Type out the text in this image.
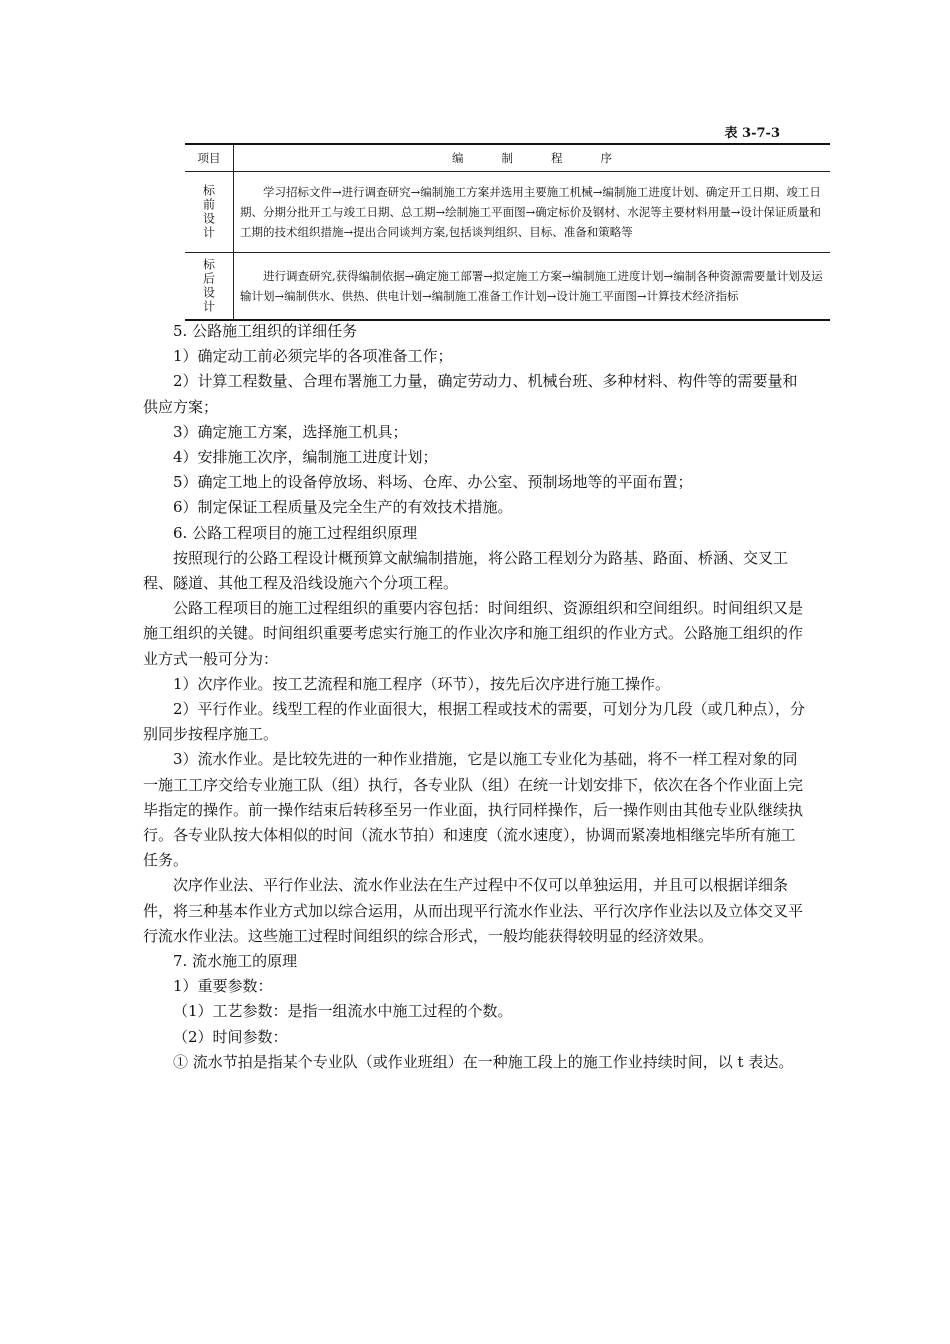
表 3-7-3
项目	编制程序
标前设计	学习招标文件→进行调查研究→编制施工方案并选用主要施工机械→编制施工进度计划、确定开工日期、竣工日期、分期分批开工与竣工日期、总工期→绘制施工平面图→确定标价及钢材、水泥等主要材料用量→设计保证质量和工期的技术组织措施→提出合同谈判方案,包括谈判组织、目标、准备和策略等
标后设计	进行调查研究,获得编制依据→确定施工部署→拟定施工方案→编制施工进度计划→编制各种资源需要量计划及运输计划→编制供水、供热、供电计划→编制施工准备工作计划→设计施工平面图→计算技术经济指标

5. 公路施工组织的详细任务

1）确定动工前必须完毕的各项准备工作；

2）计算工程数量、合理布署施工力量，确定劳动力、机械台班、多种材料、构件等的需要量和供应方案；

3）确定施工方案，选择施工机具；

4）安排施工次序，编制施工进度计划；

5）确定工地上的设备停放场、料场、仓库、办公室、预制场地等的平面布置；

6）制定保证工程质量及完全生产的有效技术措施。

6. 公路工程项目的施工过程组织原理

按照现行的公路工程设计概预算文献编制措施，将公路工程划分为路基、路面、桥涵、交叉工程、隧道、其他工程及沿线设施六个分项工程。

公路工程项目的施工过程组织的重要内容包括：时间组织、资源组织和空间组织。时间组织又是施工组织的关键。时间组织重要考虑实行施工的作业次序和施工组织的作业方式。公路施工组织的作业方式一般可分为：

1）次序作业。按工艺流程和施工程序（环节），按先后次序进行施工操作。

2）平行作业。线型工程的作业面很大，根据工程或技术的需要，可划分为几段（或几种点），分别同步按程序施工。

3）流水作业。是比较先进的一种作业措施，它是以施工专业化为基础，将不一样工程对象的同一施工工序交给专业施工队（组）执行，各专业队（组）在统一计划安排下，依次在各个作业面上完毕指定的操作。前一操作结束后转移至另一作业面，执行同样操作，后一操作则由其他专业队继续执行。各专业队按大体相似的时间（流水节拍）和速度（流水速度），协调而紧凑地相继完毕所有施工任务。

次序作业法、平行作业法、流水作业法在生产过程中不仅可以单独运用，并且可以根据详细条件，将三种基本作业方式加以综合运用，从而出现平行流水作业法、平行次序作业法以及立体交叉平行流水作业法。这些施工过程时间组织的综合形式，一般均能获得较明显的经济效果。

7. 流水施工的原理

1）重要参数：

（1）工艺参数：是指一组流水中施工过程的个数。

（2）时间参数：

① 流水节拍是指某个专业队（或作业班组）在一种施工段上的施工作业持续时间，以 t 表达。
